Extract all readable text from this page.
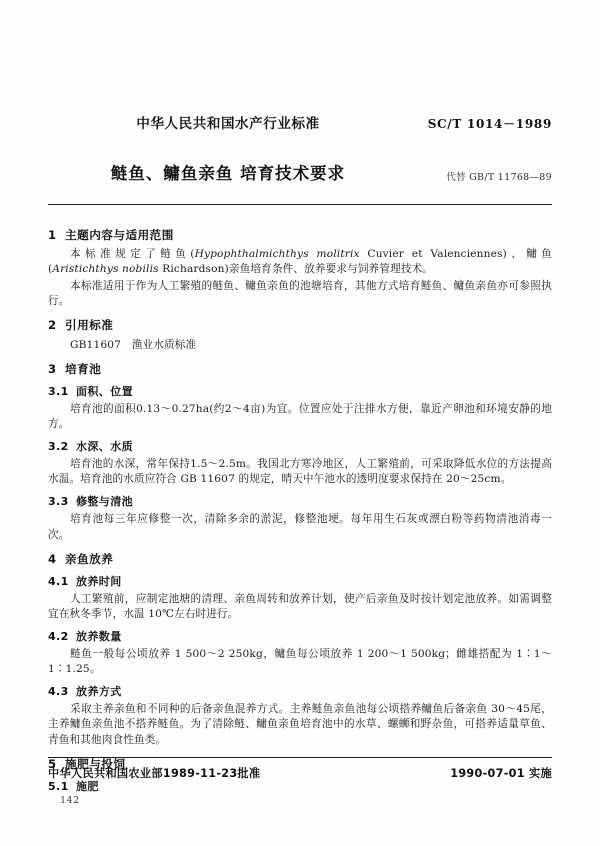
中华人民共和国水产行业标准	SC/T 1014－1989
鲢鱼、鳙鱼亲鱼 培育技术要求	代替 GB/T 11768—89
1 主题内容与适用范围

本标准规定了鲢鱼(Hypophthalmichthys molitrix Cuvier et Valenciennes)、鳙鱼(Aristichthys nobilis Richardson)亲鱼培育条件、放养要求与饲养管理技术。

本标准适用于作为人工繁殖的鲢鱼、鳙鱼亲鱼的池塘培育，其他方式培育鲢鱼、鳙鱼亲鱼亦可参照执行。

2 引用标准

GB11607　渔业水质标准

3 培育池
3.1 面积、位置

培育池的面积0.13～0.27ha(约2～4亩)为宜。位置应处于注排水方便，靠近产卵池和环境安静的地方。

3.2 水深、水质

培育池的水深，常年保持1.5～2.5m。我国北方寒冷地区，人工繁殖前，可采取降低水位的方法提高水温。培育池的水质应符合 GB 11607 的规定，晴天中午池水的透明度要求保持在 20～25cm。

3.3 修整与清池

培育池每三年应修整一次，清除多余的淤泥，修整池埂。每年用生石灰或漂白粉等药物清池消毒一次。

4 亲鱼放养
4.1 放养时间

人工繁殖前，应制定池塘的清理、亲鱼周转和放养计划，使产后亲鱼及时按计划定池放养。如需调整宜在秋冬季节，水温 10℃左右时进行。

4.2 放养数量

鲢鱼一般每公顷放养 1 500～2 250kg，鳙鱼每公顷放养 1 200～1 500kg；雌雄搭配为 1∶1～1∶1.25。

4.3 放养方式

采取主养亲鱼和不同种的后备亲鱼混养方式。主养鲢鱼亲鱼池每公顷搭养鳙鱼后备亲鱼 30～45尾，主养鳙鱼亲鱼池不搭养鲢鱼。为了清除鲢、鳙鱼亲鱼培育池中的水草、螺蛳和野杂鱼，可搭养适量草鱼、青鱼和其他肉食性鱼类。

5 施肥与投饲
5.1 施肥
中华人民共和国农业部1989-11-23批准	1990-07-01 实施
142
